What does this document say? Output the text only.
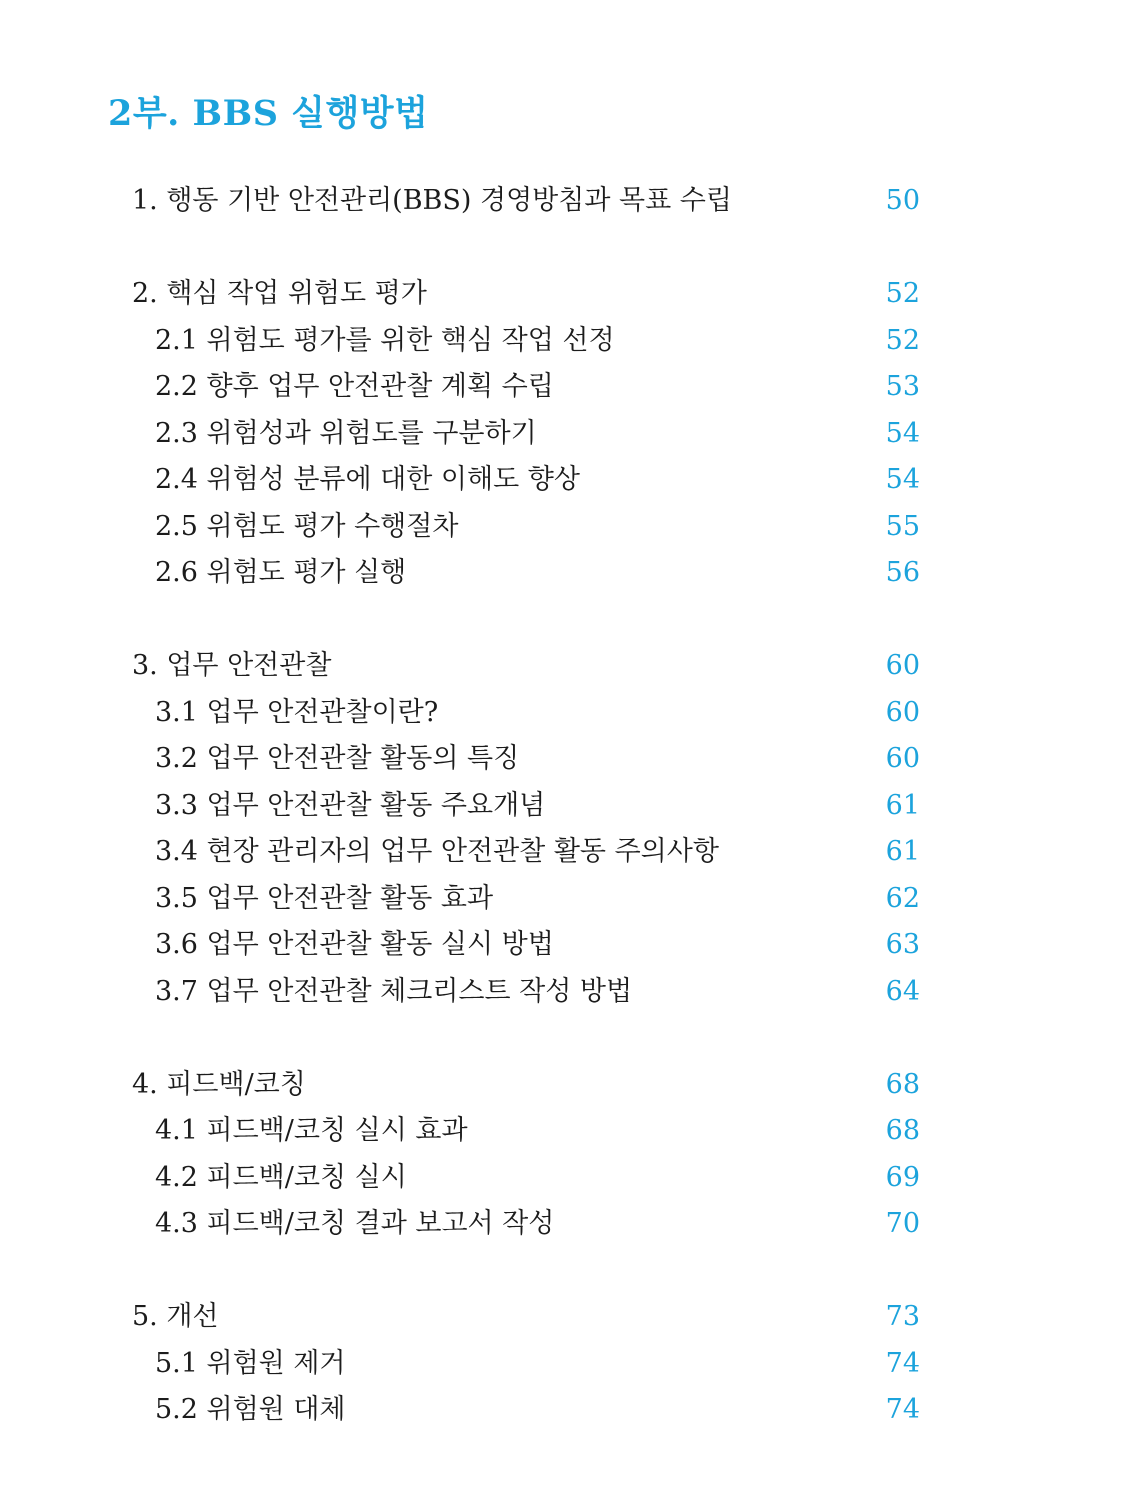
2부. BBS 실행방법
1. 행동 기반 안전관리(BBS) 경영방침과 목표 수립	50
2. 핵심 작업 위험도 평가	52
2.1 위험도 평가를 위한 핵심 작업 선정	52
2.2 향후 업무 안전관찰 계획 수립	53
2.3 위험성과 위험도를 구분하기	54
2.4 위험성 분류에 대한 이해도 향상	54
2.5 위험도 평가 수행절차	55
2.6 위험도 평가 실행	56
3. 업무 안전관찰	60
3.1 업무 안전관찰이란?	60
3.2 업무 안전관찰 활동의 특징	60
3.3 업무 안전관찰 활동 주요개념	61
3.4 현장 관리자의 업무 안전관찰 활동 주의사항	61
3.5 업무 안전관찰 활동 효과	62
3.6 업무 안전관찰 활동 실시 방법	63
3.7 업무 안전관찰 체크리스트 작성 방법	64
4. 피드백/코칭	68
4.1 피드백/코칭 실시 효과	68
4.2 피드백/코칭 실시	69
4.3 피드백/코칭 결과 보고서 작성	70
5. 개선	73
5.1 위험원 제거	74
5.2 위험원 대체	74
